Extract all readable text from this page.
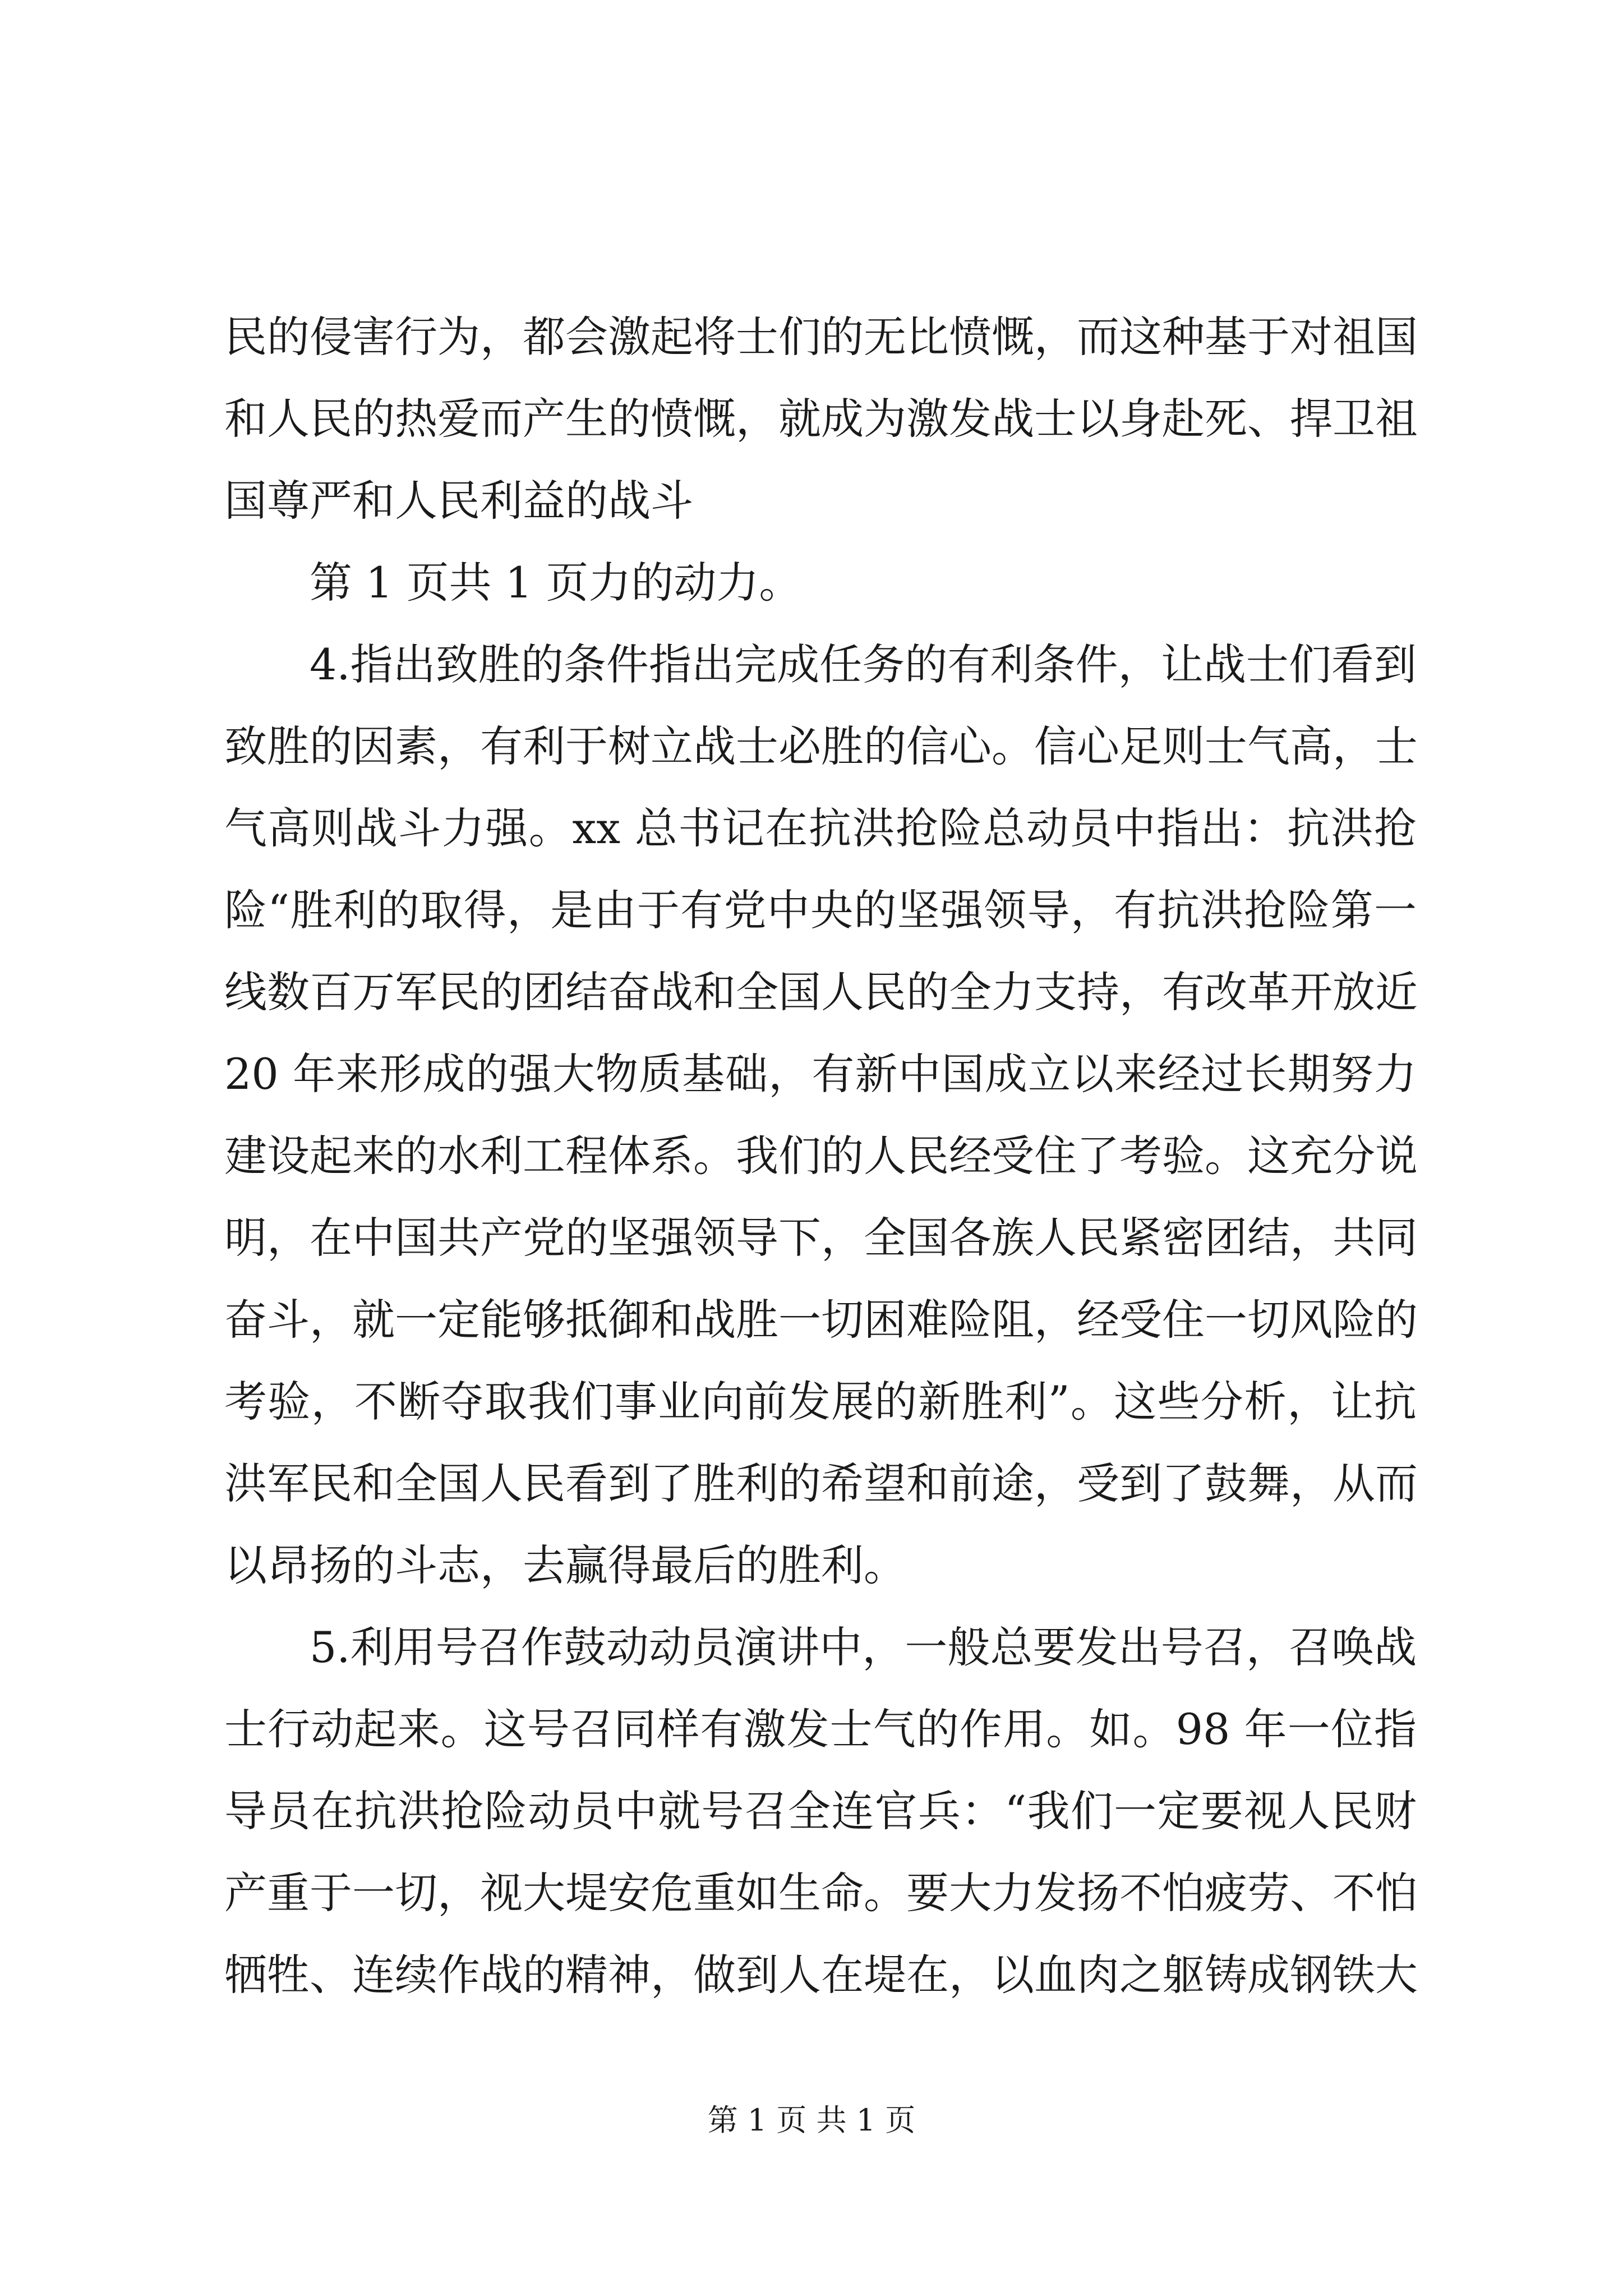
民的侵害行为，都会激起将士们的无比愤慨，而这种基于对祖国
和人民的热爱而产生的愤慨，就成为激发战士以身赴死、捍卫祖
国尊严和人民利益的战斗
第 1 页共 1 页力的动力。
4.指出致胜的条件指出完成任务的有利条件，让战士们看到
致胜的因素，有利于树立战士必胜的信心。信心足则士气高，士
气高则战斗力强。xx 总书记在抗洪抢险总动员中指出：抗洪抢
险“胜利的取得，是由于有党中央的坚强领导，有抗洪抢险第一
线数百万军民的团结奋战和全国人民的全力支持，有改革开放近
20 年来形成的强大物质基础，有新中国成立以来经过长期努力
建设起来的水利工程体系。我们的人民经受住了考验。这充分说
明，在中国共产党的坚强领导下，全国各族人民紧密团结，共同
奋斗，就一定能够抵御和战胜一切困难险阻，经受住一切风险的
考验，不断夺取我们事业向前发展的新胜利”。这些分析，让抗
洪军民和全国人民看到了胜利的希望和前途，受到了鼓舞，从而
以昂扬的斗志，去赢得最后的胜利。
5.利用号召作鼓动动员演讲中，一般总要发出号召，召唤战
士行动起来。这号召同样有激发士气的作用。如。98 年一位指
导员在抗洪抢险动员中就号召全连官兵：“我们一定要视人民财
产重于一切，视大堤安危重如生命。要大力发扬不怕疲劳、不怕
牺牲、连续作战的精神，做到人在堤在，以血肉之躯铸成钢铁大
第 1 页 共 1 页
